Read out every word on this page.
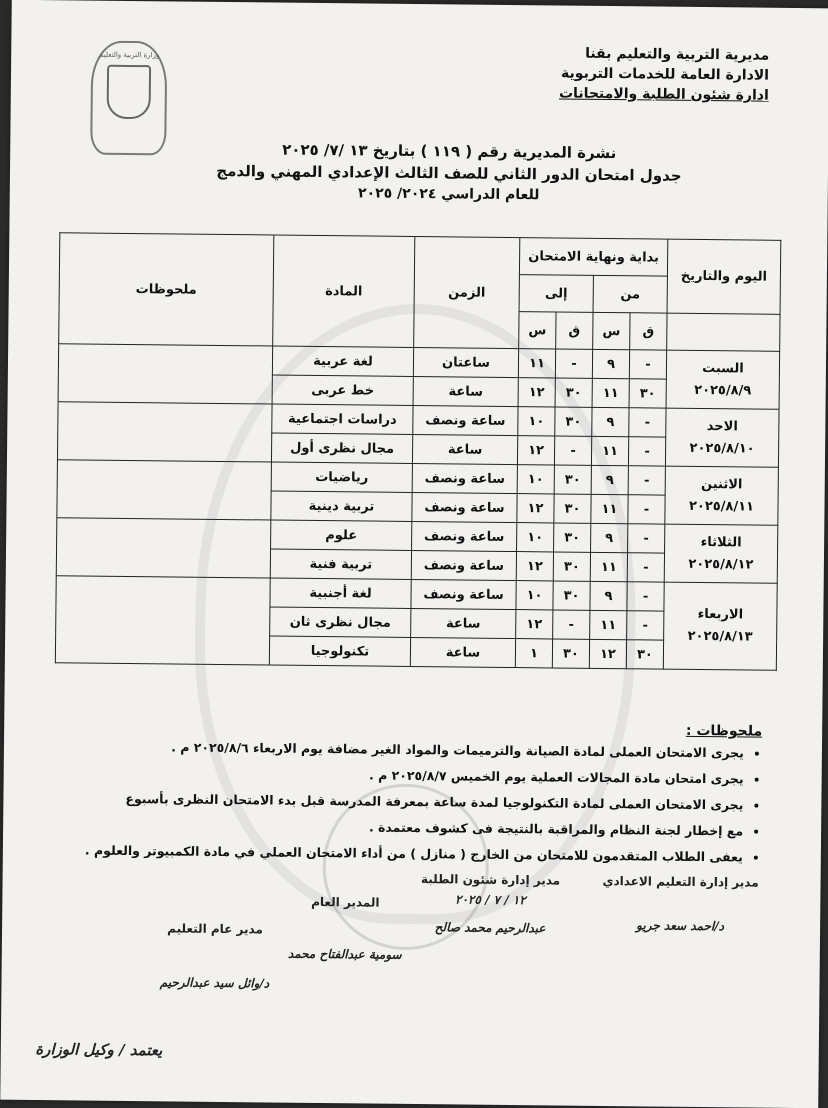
وزارة التربية والتعليم	مديرية التربية والتعليم بقنا
الادارة العامة للخدمات التربوية
ادارة شئون الطلبة والامتحانات
نشرة المديرية رقم ( ١١٩ ) بتاريخ ١٣ /٧/ ٢٠٢٥
جدول امتحان الدور الثاني للصف الثالث الإعدادي المهني والدمج
للعام الدراسي ٢٠٢٤/ ٢٠٢٥
اليوم والتاريخ	بداية ونهاية الامتحان				الزمن	المادة	ملحوظات
	من		إلى				
	ق	س	ق	س			

السبت
٢٠٢٥/٨/٩	-	٩	-	١١	ساعتان	لغة عربية	
	٣٠	١١	٣٠	١٢	ساعة	خط عربى	

الاحد
٢٠٢٥/٨/١٠	-	٩	٣٠	١٠	ساعة ونصف	دراسات اجتماعية	
	-	١١	-	١٢	ساعة	مجال نظرى أول	

الاثنين
٢٠٢٥/٨/١١	-	٩	٣٠	١٠	ساعة ونصف	رياضيات	
	-	١١	٣٠	١٢	ساعة ونصف	تربية دينية	

الثلاثاء
٢٠٢٥/٨/١٢	-	٩	٣٠	١٠	ساعة ونصف	علوم	
	-	١١	٣٠	١٢	ساعة ونصف	تربية فنية	

الاربعاء
٢٠٢٥/٨/١٣	-	٩	٣٠	١٠	ساعة ونصف	لغة أجنبية	
	-	١١	-	١٢	ساعة	مجال نظرى ثان	
	٣٠	١٢	٣٠	١	ساعة	تكنولوجيا	
ملحوظات :
• يجرى الامتحان العملى لمادة الصيانة والترميمات والمواد الغير مضافة يوم الاربعاء ٢٠٢٥/٨/٦ م .
• يجرى امتحان مادة المجالات العملية يوم الخميس ٢٠٢٥/٨/٧ م .
• يجرى الامتحان العملى لمادة التكنولوجيا لمدة ساعة بمعرفة المدرسة قبل بدء الامتحان النظرى بأسبوع
• مع إخطار لجنة النظام والمراقبة بالنتيجة فى كشوف معتمدة .
• يعفى الطلاب المتقدمون للامتحان من الخارج ( منازل ) من أداء الامتحان العملي في مادة الكمبيوتر والعلوم .
مدير إدارة التعليم الاعدادي
د/احمد سعد جريو
مدير إدارة شئون الطلبة
١٢ / ٧ / ٢٠٢٥
عبدالرحيم محمد صالح
المدير العام
سومية عبدالفتاح محمد
مدير عام التعليم
د/وائل سيد عبدالرحيم
يعتمد / وكيل الوزارة
